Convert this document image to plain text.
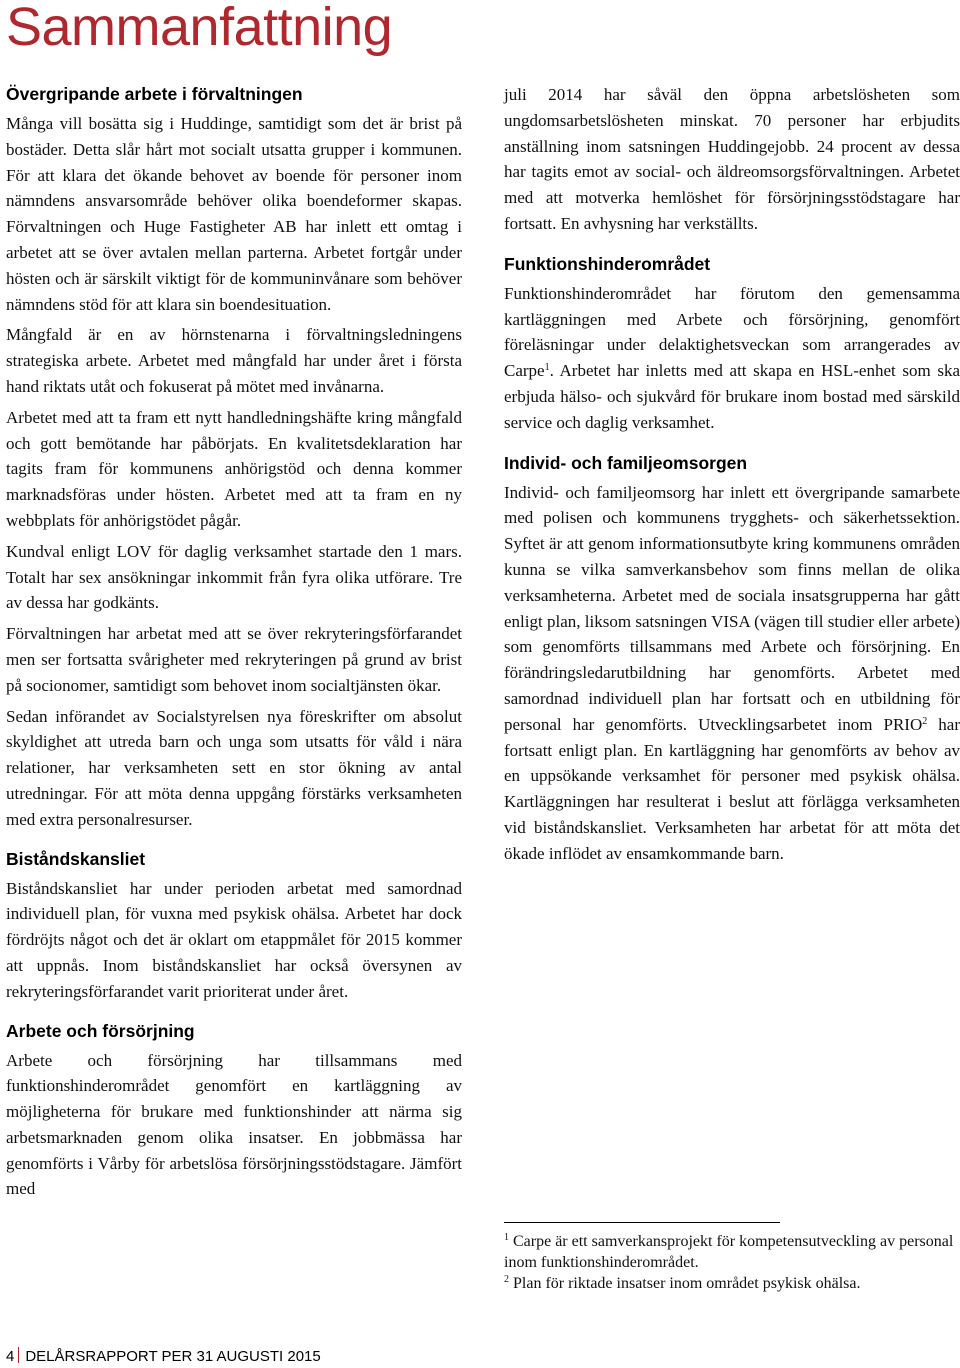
Sammanfattning
Övergripande arbete i förvaltningen

Många vill bosätta sig i Huddinge, samtidigt som det är brist på bostäder. Detta slår hårt mot socialt utsatta grupper i kommunen. För att klara det ökande behovet av boende för personer inom nämndens ansvarsområde behöver olika boendeformer skapas. Förvaltningen och Huge Fastigheter AB har inlett ett omtag i arbetet att se över avtalen mellan parterna. Arbetet fortgår under hösten och är särskilt viktigt för de kommuninvånare som behöver nämndens stöd för att klara sin boendesituation.

Mångfald är en av hörnstenarna i förvaltningsledningens strategiska arbete. Arbetet med mångfald har under året i första hand riktats utåt och fokuserat på mötet med invånarna.

Arbetet med att ta fram ett nytt handledningshäfte kring mångfald och gott bemötande har påbörjats. En kvalitetsdeklaration har tagits fram för kommunens anhörigstöd och denna kommer marknadsföras under hösten. Arbetet med att ta fram en ny webbplats för anhörigstödet pågår.

Kundval enligt LOV för daglig verksamhet startade den 1 mars. Totalt har sex ansökningar inkommit från fyra olika utförare. Tre av dessa har godkänts.

Förvaltningen har arbetat med att se över rekryteringsförfarandet men ser fortsatta svårigheter med rekryteringen på grund av brist på socionomer, samtidigt som behovet inom socialtjänsten ökar.

Sedan införandet av Socialstyrelsen nya föreskrifter om absolut skyldighet att utreda barn och unga som utsatts för våld i nära relationer, har verksamheten sett en stor ökning av antal utredningar. För att möta denna uppgång förstärks verksamheten med extra personalresurser.

Biståndskansliet

Biståndskansliet har under perioden arbetat med samordnad individuell plan, för vuxna med psykisk ohälsa. Arbetet har dock fördröjts något och det är oklart om etappmålet för 2015 kommer att uppnås. Inom biståndskansliet har också översynen av rekryteringsförfarandet varit prioriterat under året.

Arbete och försörjning

Arbete och försörjning har tillsammans med funktionshinderområdet genomfört en kartläggning av möjligheterna för brukare med funktionshinder att närma sig arbetsmarknaden genom olika insatser. En jobbmässa har genomförts i Vårby för arbetslösa försörjningsstödstagare. Jämfört med

juli 2014 har såväl den öppna arbetslösheten som ungdomsarbetslösheten minskat. 70 personer har erbjudits anställning inom satsningen Huddingejobb. 24 procent av dessa har tagits emot av social- och äldreomsorgsförvaltningen. Arbetet med att motverka hemlöshet för försörjningsstödstagare har fortsatt. En avhysning har verkställts.

Funktionshinderområdet

Funktionshinderområdet har förutom den gemensamma kartläggningen med Arbete och försörjning, genomfört föreläsningar under delaktighetsveckan som arrangerades av Carpe$^1$. Arbetet har inletts med att skapa en HSL-enhet som ska erbjuda hälso- och sjukvård för brukare inom bostad med särskild service och daglig verksamhet.

Individ- och familjeomsorgen

Individ- och familjeomsorg har inlett ett övergripande samarbete med polisen och kommunens trygghets- och säkerhetssektion. Syftet är att genom informationsutbyte kring kommunens områden kunna se vilka samverkansbehov som finns mellan de olika verksamheterna. Arbetet med de sociala insatsgrupperna har gått enligt plan, liksom satsningen VISA (vägen till studier eller arbete) som genomförts tillsammans med Arbete och försörjning. En förändringsledarutbildning har genomförts. Arbetet med samordnad individuell plan har fortsatt och en utbildning för personal har genomförts. Utvecklingsarbetet inom PRIO$^2$ har fortsatt enligt plan. En kartläggning har genomförts av behov av en uppsökande verksamhet för personer med psykisk ohälsa. Kartläggningen har resulterat i beslut att förlägga verksamheten vid biståndskansliet. Verksamheten har arbetat för att möta det ökade inflödet av ensamkommande barn.

$^1$ Carpe är ett samverkansprojekt för kompetensutveckling av personal inom funktionshinderområdet.
$^2$ Plan för riktade insatser inom området psykisk ohälsa.
4 DELÅRSRAPPORT PER 31 AUGUSTI 2015
